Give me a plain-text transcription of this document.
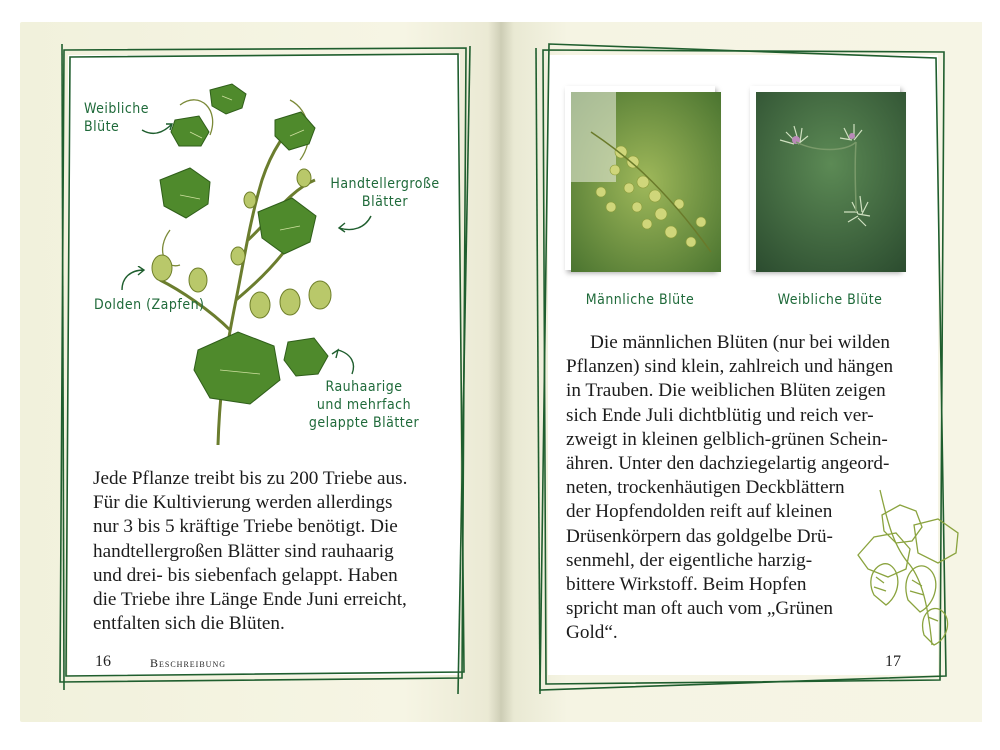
Weibliche
Blüte
Handtellergroße
Blätter
Dolden (Zapfen)
Rauhaarige
und mehrfach
gelappte Blätter
Jede Pflanze treibt bis zu 200 Triebe aus.
Für die Kultivierung werden allerdings
nur 3 bis 5 kräftige Triebe benötigt. Die
handtellergroßen Blätter sind rauhaarig
und drei- bis siebenfach gelappt. Haben
die Triebe ihre Länge Ende Juni erreicht,
entfalten sich die Blüten.
16	Beschreibung
Männliche Blüte	Weibliche Blüte
Die männlichen Blüten (nur bei wilden
Pflanzen) sind klein, zahlreich und hängen
in Trauben. Die weiblichen Blüten zeigen
sich Ende Juli dichtblütig und reich ver-
zweigt in kleinen gelblich-grünen Schein-
ähren. Unter den dachziegelartig angeord-
neten, trockenhäutigen Deckblättern
der Hopfendolden reift auf kleinen
Drüsenkörpern das goldgelbe Drü-
senmehl, der eigentliche harzig-
bittere Wirkstoff. Beim Hopfen
spricht man oft auch vom „Grünen
Gold“.
17
